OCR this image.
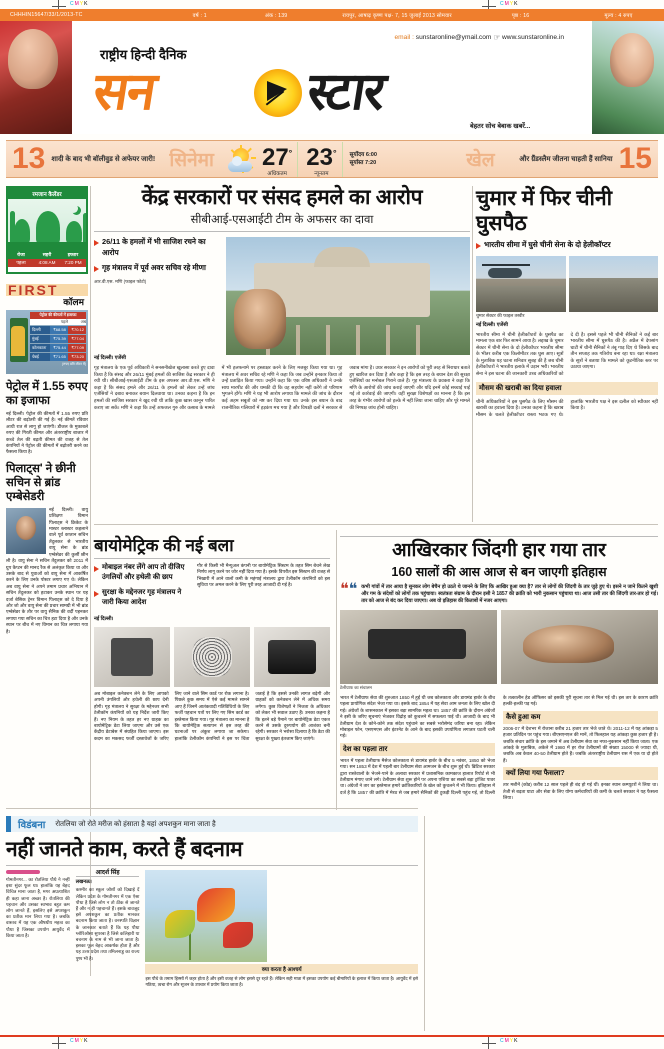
CMYK	CMYK
CHHHIN15647/33/1/2013-TC	वर्ष : 1	अंक : 139	रायपुर, आषाढ़ कृष्ण पक्ष- 7, 15 जुलाई 2013 सोमवार	पृष्ठ : 16	मूल्य : 4 रुपए
राष्ट्रीय हिन्दी दैनिक
email : sunstaronline@ymail.com ☞ www.sunstaronline.in
सन	स्टार
बेहतर सोच बेबाक खबरें...
13 शादी के बाद भी बॉलीवुड से अफेयर जारी! सिनेमा	27°
अधिकतम
23°
न्यूनतम
सूर्योदय 6:00
सूर्यास्त 7:20	खेल	और ग्रैंडस्लैम जीतना चाहती हैं सानिया 15
रमजान कैलेंडर
रोजा	सहरी	इफ्तार
पहला	4:08 AM	7:20 PM
FIRST
कॉलम
पेट्रोल की कीमतों में इजाफा
पहले	अब
दिल्ली	₹68.58	₹70.12
मुंबई	₹75.39	₹77.04
कोलकाता	₹75.44	₹77.09
चेन्नई	₹71.65	₹73.20
(रुपए प्रति लीटर में)
पेट्रोल में 1.55 रुपए का इजाफा
नई दिल्ली। पेट्रोल की कीमतों में 1.55 रुपए प्रति लीटर की बढ़ोतरी की गई है। नई कीमतें रविवार आधी रात से लागू हो जाएंगी। डीजल के मुकाबले रुपए की गिरती कीमत और अंतरराष्ट्रीय बाजार में कच्चे तेल की बढ़ती कीमत की वजह से तेल कंपनियों ने पेट्रोल की कीमतों में बढ़ोतरी करने का फैसला किया है।
पिलाट्स' ने छीनी सचिन से ब्रांड एम्बेसेडरी
नई दिल्ली। वायु प्रशिक्षण विमान पिलाट्स ने क्रिकेट के मास्टर ब्लास्टर कहलाने वाले पूर्व कप्तान सचिन तेंदुलकर से भारतीय वायु सेना के ब्रांड एम्बेसेडर की कुर्सी छीन ली है। वायु सेना ने सचिन तेंदुलकर को 2011 में ग्रुप कैप्टन की मानद रैंक से अलंकृत किया था और उसके बाद से युवाओं को वायु सेना में आकर्षित करने के लिए उनके पोस्टर लगाए गए थे। लेकिन अब वायु सेना ने अपने तमाम प्रचार अभियान में सचिन तेंदुलकर को हटाकर उनके स्थान पर यह दर्जा बेसिक ट्रेनर विमान पिलाट्स को दे दिया है और जो और वायु सेना की प्रचार सामग्री में भी ब्रांड एम्बेसेडर के तौर पर वायु सैनिक की वर्दी पहनकर लगाया गया सचिन का चित्र हटा दिया है और उनके स्थान पर बीच में नए विमान का चित्र लगाया गया है।
केंद्र सरकारों पर संसद हमले का आरोप
सीबीआई-एसआईटी टीम के अफसर का दावा
26/11 के हमलों में भी साजिश रचने का आरोप
गृह मंत्रालय में पूर्व अवर सचिव रहे मीणा
आर.वी.एस. मणि (फाइल फोटो)
नई दिल्ली। एजेंसी
गृह मंत्रालय के एक पूर्व अधिकारी ने सनसनीखेज खुलासा करते हुए दावा किया है कि संसद और 26/11 मुंबई हमलों की साजिश केंद्र सरकार ने ही रची थी। सीबीआई-एसआईटी टीम के इस अफसर आर.वी.एस. मणि ने कहा है कि संसद हमले और 26/11 के हमलों को लेकर उन्हें जांच एजेंसियों ने दबाव बनाकर बयान दिलवाया था। उनका कहना है कि इन हमलों की साजिश सरकार ने खुद रची थी ताकि कुछ खास कानून पारित कराए जा सकें। मणि ने कहा कि उन्हें अफजल गुरु और कसाब के मामले में भी हलफनामे पर हस्ताक्षर करने के लिए मजबूर किया गया था। गृह मंत्रालय में अवर सचिव रहे मणि ने कहा कि जब उन्होंने इनकार किया तो उन्हें प्रताड़ित किया गया। उन्होंने कहा कि एक वरिष्ठ अधिकारी ने उनके साथ मारपीट की और धमकी दी कि वह सहयोग नहीं करेंगे तो परिणाम भुगतने होंगे। मणि ने यह भी आरोप लगाया कि मामले की जांच के दौरान कई अहम सबूतों को नष्ट कर दिया गया था। उनके इस बयान के बाद राजनीतिक गलियारों में हड़कंप मच गया है और विपक्षी दलों ने सरकार से जवाब मांगा है। उधर सरकार ने इन आरोपों को पूरी तरह से निराधार बताते हुए खारिज कर दिया है और कहा है कि इस तरह के बयान देश की सुरक्षा एजेंसियों का मनोबल गिराने वाले हैं। गृह मंत्रालय के प्रवक्ता ने कहा कि मणि के आरोपों की जांच कराई जाएगी और यदि इनमें कोई सच्चाई पाई गई तो कार्रवाई की जाएगी। वहीं सुरक्षा विशेषज्ञों का मानना है कि इस तरह के गंभीर आरोपों को हल्के में नहीं लिया जाना चाहिए और पूरे मामले की निष्पक्ष जांच होनी चाहिए।
चुमार में फिर चीनी घुसपैठ
भारतीय सीमा में घुसे चीनी सेना के दो हेलीकॉप्टर
चुमार सेक्टर की फाइल तस्वीर
नई दिल्ली। एजेंसी
भारतीय सीमा में चीनी हेलीकॉप्टरों के घुसपैठ का मामला एक बार फिर सामने आया है। लद्दाख के चुमार सेक्टर में चीनी सेना के दो हेलीकॉप्टर भारतीय सीमा के भीतर करीब एक किलोमीटर तक घुस आए। सूत्रों के मुताबिक यह घटना शनिवार सुबह की है जब चीनी हेलीकॉप्टरों ने भारतीय इलाके में उड़ान भरी। भारतीय सेना ने इस घटना की जानकारी उच्च अधिकारियों को दे दी है। इससे पहले भी चीनी सैनिकों ने कई बार भारतीय सीमा में घुसपैठ की है। अप्रैल में देपसांग घाटी में चीनी सैनिकों ने तंबू गाड़ दिए थे जिसके बाद तीन सप्ताह तक गतिरोध बना रहा था। रक्षा मंत्रालय के सूत्रों ने बताया कि मामले को कूटनीतिक स्तर पर उठाया जाएगा।
मौसम की खराबी का दिया हवाला
चीनी अधिकारियों ने इस घुसपैठ के लिए मौसम की खराबी का हवाला दिया है। उनका कहना है कि खराब मौसम के चलते हेलीकॉप्टर रास्ता भटक गए थे। हालांकि भारतीय पक्ष ने इस दलील को स्वीकार नहीं किया है।
बायोमेट्रिक की नई बला
मोबाइल नंबर लेंगे आप तो दीजिए उंगलियों और हथेली की छाप
सुरक्षा के मद्देनजर गृह मंत्रालय ने जारी किया आदेश
गौर से किसी भी मैन्युअल कंपनी पर बायोमेट्रिक सिस्टम के तहत सिम बेचने लेख निर्णय लागू करने पर जोर नहीं दिया गया है। इसके विपरीत इस सिस्टम की वजह से भिखारी में आने वालों कमी के महंगाई मंत्रालय द्वारा टेलीकॉम कंपनियों को इस सुविधा पर अमल करने के लिए पूरी तरह आजादी दी गई है।
नई दिल्ली।
अब मोबाइल कनेक्शन लेने के लिए आपको अपनी उंगलियों और हथेली की छाप देनी होगी। गृह मंत्रालय ने सुरक्षा के मद्देनजर सभी टेलीकॉम कंपनियों को यह निर्देश जारी किए हैं। नए नियम के तहत हर नए ग्राहक का बायोमेट्रिक डेटा लिया जाएगा और उसे एक केंद्रीय डेटाबेस में संग्रहित किया जाएगा। इस कदम का मकसद फर्जी दस्तावेजों के जरिए लिए जाने वाले सिम कार्ड पर रोक लगाना है। पिछले कुछ समय में ऐसे कई मामले सामने आए हैं जिनमें आतंकवादी गतिविधियों के लिए फर्जी पहचान पत्रों पर लिए गए सिम कार्ड का इस्तेमाल किया गया। गृह मंत्रालय का मानना है कि बायोमेट्रिक सत्यापन से इस तरह की घटनाओं पर अंकुश लगाया जा सकेगा। हालांकि टेलीकॉम कंपनियों ने इस पर चिंता जताई है कि इससे उनकी लागत बढ़ेगी और ग्राहकों को कनेक्शन लेने में अधिक समय लगेगा। कुछ विशेषज्ञों ने निजता के अधिकार को लेकर भी सवाल उठाए हैं। उनका कहना है कि इतने बड़े पैमाने पर बायोमेट्रिक डेटा एकत्र करने से उसके दुरुपयोग की आशंका बनी रहेगी। सरकार ने भरोसा दिलाया है कि डेटा की सुरक्षा के पुख्ता इंतजाम किए जाएंगे।
आखिरकार जिंदगी हार गया तार
160 सालों की आस आज से बन जाएगी इतिहास
❝❝ कभी गांवों में तार आया है सुनकर लोग बेचैन हो उठते थे जानने के लिए कि आखिर हुआ क्या है? तार से लोगों की जिंदगी के तार जुड़े हुए थे। इसने न जाने कितने खुशी और गम के संदेशों को लोगों तक पहुंचाया। स्वतंत्रता संग्राम के दौरान इसी ने 1857 की क्रांति को भारी नुकसान पहुंचाया था। आज उसी तार की जिंदगी तार-तार हो गई। तार को आज से बंद कर दिया जाएगा। अब वो इतिहास की किताबों में नजर आएगा।

टेलीग्राफ का संचालन

भारत में टेलीग्राफ सेवा की शुरुआत 1850 में हुई थी जब कोलकाता और डायमंड हार्बर के बीच पहला प्रायोगिक संदेश भेजा गया था। इसके बाद 1854 में यह सेवा आम जनता के लिए खोल दी गई। अंग्रेजों के शासनकाल में इसका बड़ा सामरिक महत्व था। 1857 की क्रांति के दौरान अंग्रेजों ने इसी के जरिए सूचनाएं भेजकर विद्रोह को कुचलने में सफलता पाई थी। आजादी के बाद भी टेलीग्राम देश के कोने-कोने तक संदेश पहुंचाने का सबसे भरोसेमंद जरिया बना रहा। लेकिन मोबाइल फोन, एसएमएस और इंटरनेट के आने के बाद इसकी उपयोगिता लगातार घटती चली गई।

देश का पहला तार

भारत में पहला टेलीग्राफ मैसेज कोलकाता से डायमंड हार्बर के बीच 5 नवंबर, 1850 को भेजा गया। सन 1853 में देश में पहली बार टेलीग्राम सेवा आमजन के बीच शुरू हुई थी। ब्रिटिश सरकार द्वारा रास्तेवालों के भेजने-पाने के अलावा सरकार में प्रशासनिक कामकाज हालात रिपोर्ट से भी टेलीग्राम मंगाए जाने लगे। टेलीग्राम सेवा शुरू होने पर अपना एशिया का सबसे बड़ा ट्रांजिट पावर था। अंग्रेजों ने तार का इस्तेमाल हमारे क्रांतिकारियों के खेल को कुचलने में भी किया। इतिहास में दर्ज है कि 1857 की क्रांति में मेरठ से जब हमारे सैनिकों की टुकड़ी दिल्ली पहुंच गई, तो दिल्ली के तत्कालीन हेड ऑफिसर को इसकी पूरी सूचना तार से मिल गई थी। इस तार के कारण क्रांति हल्की-हल्की पड़ गई।

कैसे हुआ कम

2006-07 में देशभर में रोजाना करीब 21 हजार तार भेजे जाते थे। 2011-12 में यह आंकड़ा 5 हजार प्रतिदिन पर पहुंच गया। बीएसएनएल की मानें, तो फिलहाल यह आंकड़ा कुछ हजार ही है। जबकि संचार क्रांति के इस जमाने में अब टेलीग्राम सेवा का नफा-नुकसान नहीं किया जाता। एक आंकड़े के मुताबिक, अकेले में 1980 में हर रोज टेलीग्रामों की संख्या 15000 से ज्यादा थी, जबकि अब केवल 40-50 टेलीग्राम होते हैं। जबकि अंतरराष्ट्रीय टेलीग्राम रास में एक या दो होते हैं।

क्यों लिया गया फैसला?

तार मशीनें (कोड) करीब 12 साल पहले ही बंद हो गई थीं। इनका स्थान कम्प्यूटरों ने लिया था। तेजी से बढ़ता घाटा और सेवा के लिए योग्य कर्मचारियों की कमी के चलते सरकार ने यह फैसला लिया।

विडंबना	रोतलिया जो रोते मरीज को हंसाता है यहां अपशकुन माना जाता है
नहीं जानते काम, करते हैं बदनाम
गोमतीनगर... का रोतलिया पौधे ने नन्हीं इशा सुंदर फूल था। हालांकि यह बेहद विचित्र माना जाता है, मगर अप्रत्याशित ही कहा जाना अच्छा है। रोतलिया की पहचान और उसका स्वभाव बहुत कम लोग जानते हैं, इसलिए इसे अपशकुन का प्रतीक मान लिया गया है। जबकि वास्तव में यह एक औषधीय महत्व का पौधा है जिसका उपयोग आयुर्वेद में किया जाता है।
आदर्श सिंह
लखनऊ।
कश्मीर का स्कूल जोशों को दिखाई दें लेकिन प्रदेश के गोमतीनगर में एक ऐसा पौधा है जिसे लोग न तो ठीक से जानते हैं और न ही पहचानते हैं। इसके बावजूद इसे अपशकुन का प्रतीक मानकर बदनाम किया जाता है। वनस्पति विज्ञान के जानकार बताते हैं कि यह पौधा ग्लोरिओसा सुपरबा है जिसे कलिहारी या बचनाग के नाम से भी जाना जाता है। इसका फूल बेहद आकर्षक होता है और यह उत्तर प्रदेश तथा तमिलनाडु का राज्य पुष्प भी है।
क्या करता है आश्चर्य
इस पौधे के तमाम हिस्सों में जहर होता है और इसी वजह से लोग इससे दूर रहते हैं। लेकिन सही मात्रा में इसका उपयोग कई बीमारियों के इलाज में किया जाता है। आयुर्वेद में इसे गठिया, त्वचा रोग और सूजन के उपचार में प्रयोग किया जाता है।
CMYK	CMYK
